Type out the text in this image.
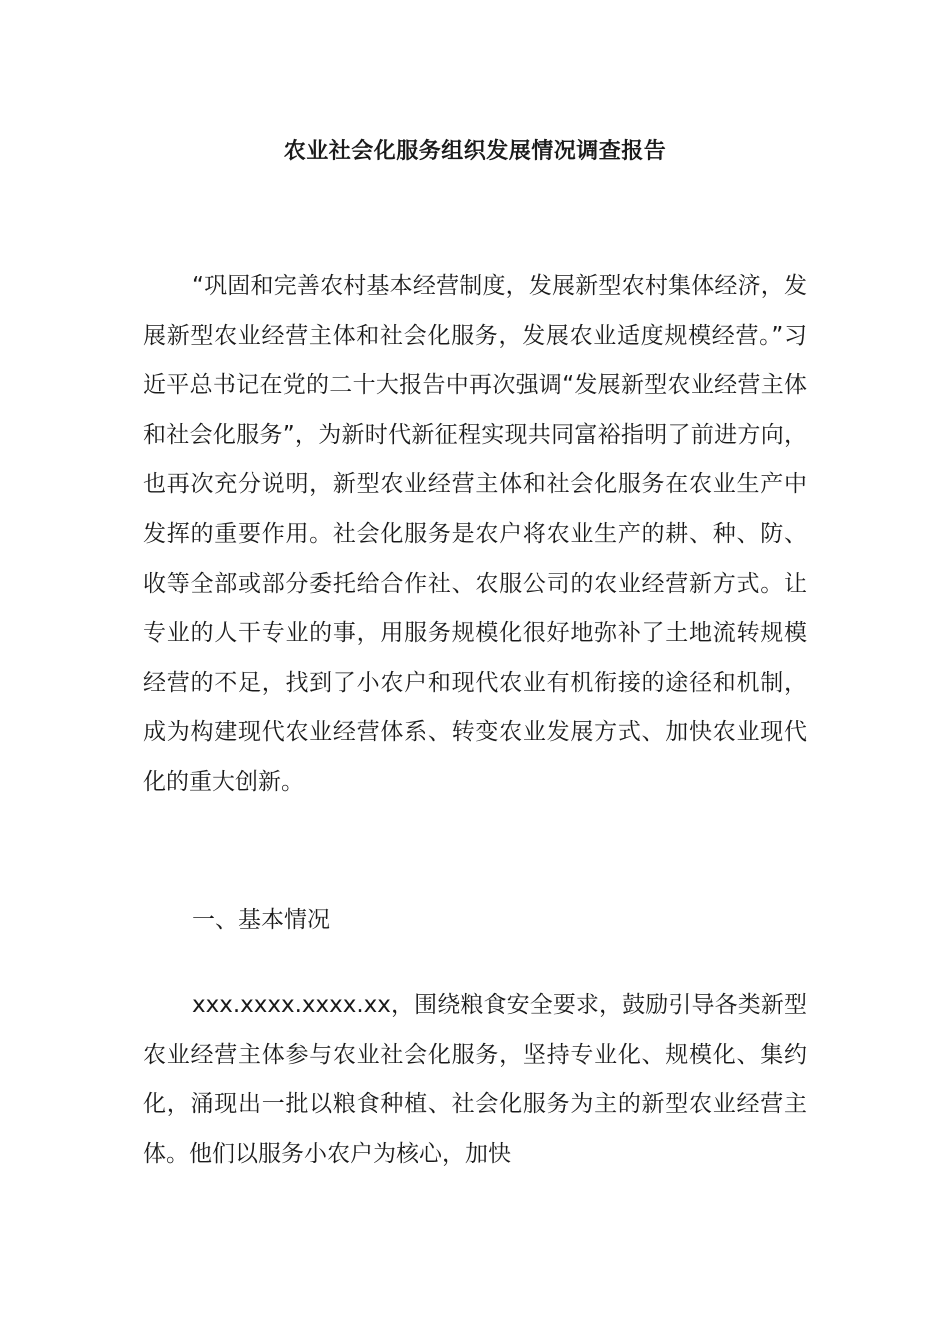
农业社会化服务组织发展情况调查报告

“巩固和完善农村基本经营制度，发展新型农村集体经济，发展新型农业经营主体和社会化服务，发展农业适度规模经营。”习近平总书记在党的二十大报告中再次强调“发展新型农业经营主体和社会化服务”，为新时代新征程实现共同富裕指明了前进方向，也再次充分说明，新型农业经营主体和社会化服务在农业生产中发挥的重要作用。社会化服务是农户将农业生产的耕、种、防、收等全部或部分委托给合作社、农服公司的农业经营新方式。让专业的人干专业的事，用服务规模化很好地弥补了土地流转规模经营的不足，找到了小农户和现代农业有机衔接的途径和机制，成为构建现代农业经营体系、转变农业发展方式、加快农业现代化的重大创新。

一、基本情况

xxx.xxxx.xxxx.xx，围绕粮食安全要求，鼓励引导各类新型农业经营主体参与农业社会化服务，坚持专业化、规模化、集约化，涌现出一批以粮食种植、社会化服务为主的新型农业经营主体。他们以服务小农户为核心，加快
